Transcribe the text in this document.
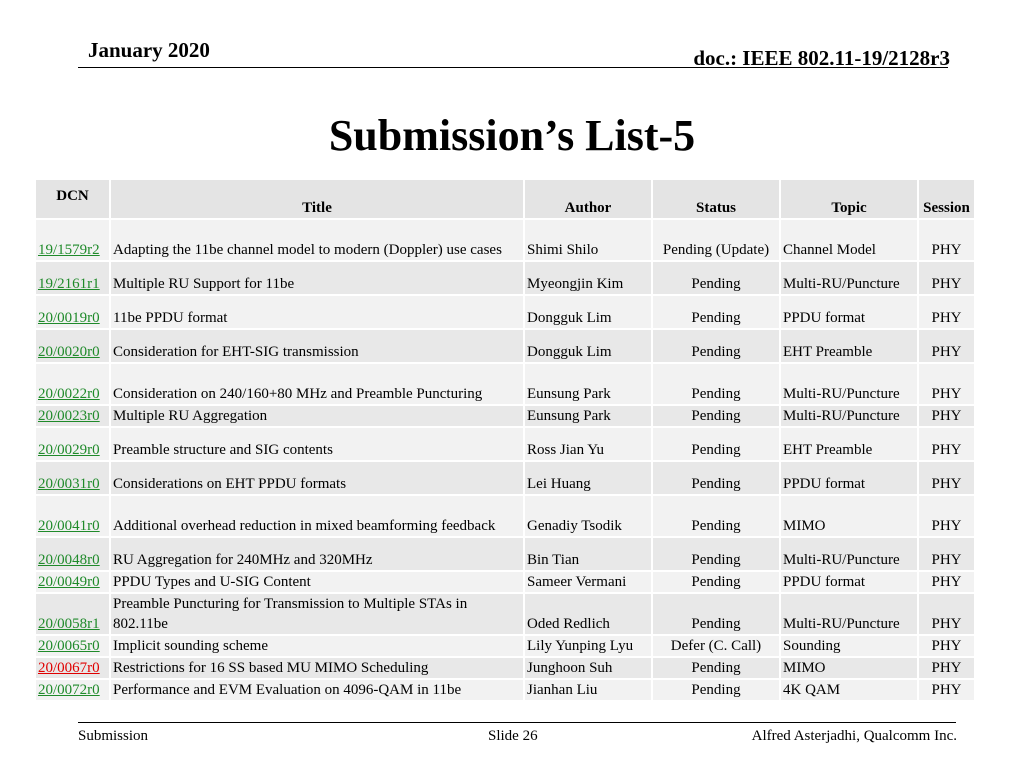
January 2020	doc.: IEEE 802.11-19/2128r3
Submission’s List-5
DCN	Title	Author	Status	Topic	Session
19/1579r2	Adapting the 11be channel model to modern (Doppler) use cases	Shimi Shilo	Pending (Update)	Channel Model	PHY
19/2161r1	Multiple RU Support for 11be	Myeongjin Kim	Pending	Multi-RU/Puncture	PHY
20/0019r0	11be PPDU format	Dongguk Lim	Pending	PPDU format	PHY
20/0020r0	Consideration for EHT-SIG transmission	Dongguk Lim	Pending	EHT Preamble	PHY
20/0022r0	Consideration on 240/160+80 MHz and Preamble Puncturing	Eunsung Park	Pending	Multi-RU/Puncture	PHY
20/0023r0	Multiple RU Aggregation	Eunsung Park	Pending	Multi-RU/Puncture	PHY
20/0029r0	Preamble structure and SIG contents	Ross Jian Yu	Pending	EHT Preamble	PHY
20/0031r0	Considerations on EHT PPDU formats	Lei Huang	Pending	PPDU format	PHY
20/0041r0	Additional overhead reduction in mixed beamforming feedback	Genadiy Tsodik	Pending	MIMO	PHY
20/0048r0	RU Aggregation for 240MHz and 320MHz	Bin Tian	Pending	Multi-RU/Puncture	PHY
20/0049r0	PPDU Types and U-SIG Content	Sameer Vermani	Pending	PPDU format	PHY
20/0058r1	Preamble Puncturing for Transmission to Multiple STAs in 802.11be	Oded Redlich	Pending	Multi-RU/Puncture	PHY
20/0065r0	Implicit sounding scheme	Lily Yunping Lyu	Defer (C. Call)	Sounding	PHY
20/0067r0	Restrictions for 16 SS based MU MIMO Scheduling	Junghoon Suh	Pending	MIMO	PHY
20/0072r0	Performance and EVM Evaluation on 4096-QAM in 11be	Jianhan Liu	Pending	4K QAM	PHY
Submission	Slide 26	Alfred Asterjadhi, Qualcomm Inc.
